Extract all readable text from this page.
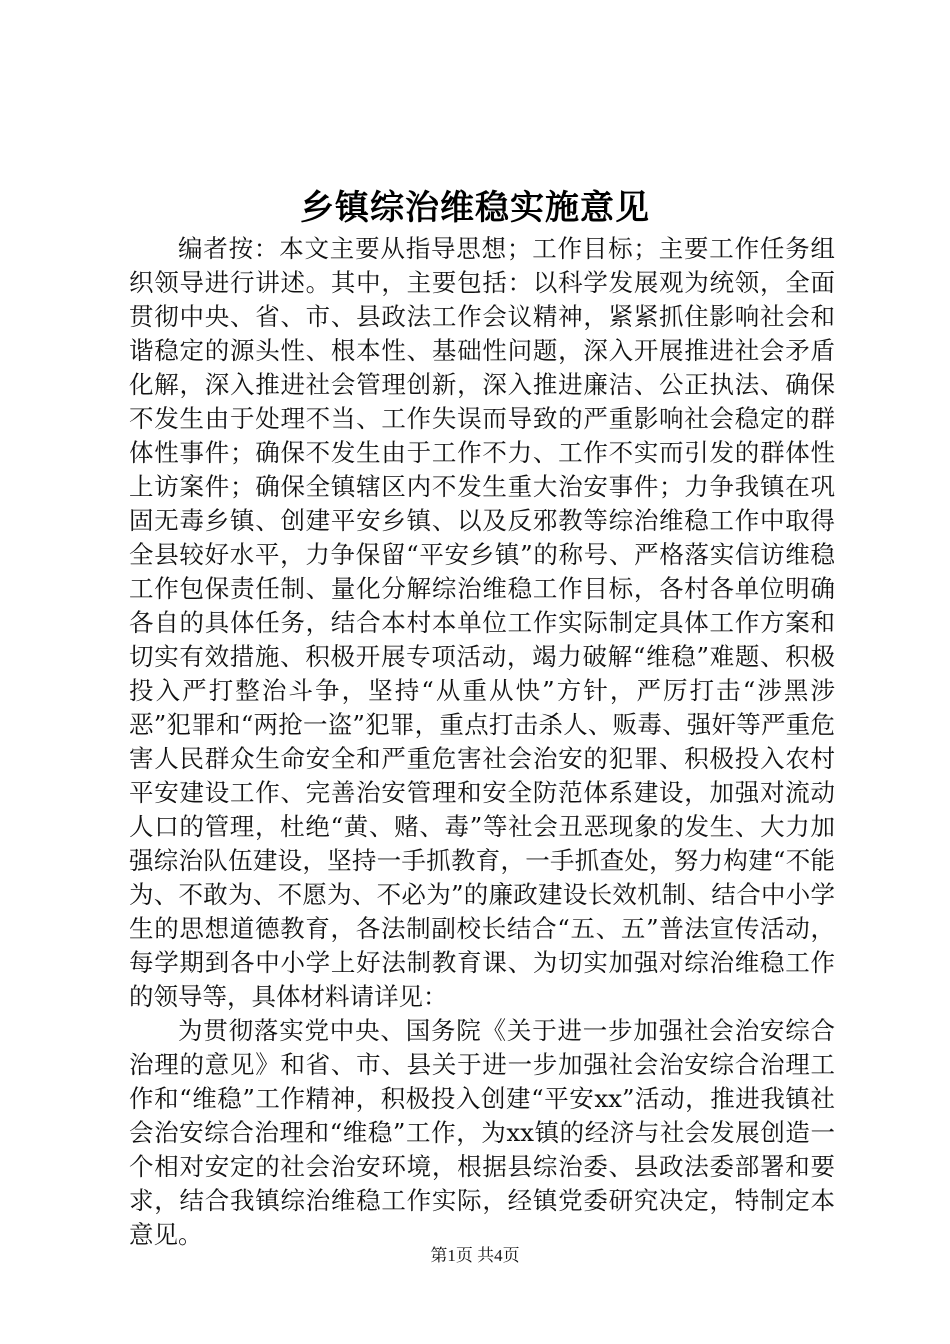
乡镇综治维稳实施意见

编者按：本文主要从指导思想；工作目标；主要工作任务组织领导进行讲述。其中，主要包括：以科学发展观为统领，全面贯彻中央、省、市、县政法工作会议精神，紧紧抓住影响社会和谐稳定的源头性、根本性、基础性问题，深入开展推进社会矛盾化解，深入推进社会管理创新，深入推进廉洁、公正执法、确保不发生由于处理不当、工作失误而导致的严重影响社会稳定的群体性事件；确保不发生由于工作不力、工作不实而引发的群体性上访案件；确保全镇辖区内不发生重大治安事件；力争我镇在巩固无毒乡镇、创建平安乡镇、以及反邪教等综治维稳工作中取得全县较好水平，力争保留“平安乡镇”的称号、严格落实信访维稳工作包保责任制、量化分解综治维稳工作目标，各村各单位明确各自的具体任务，结合本村本单位工作实际制定具体工作方案和切实有效措施、积极开展专项活动，竭力破解“维稳”难题、积极投入严打整治斗争，坚持“从重从快”方针，严厉打击“涉黑涉恶”犯罪和“两抢一盗”犯罪，重点打击杀人、贩毒、强奸等严重危害人民群众生命安全和严重危害社会治安的犯罪、积极投入农村平安建设工作、完善治安管理和安全防范体系建设，加强对流动人口的管理，杜绝“黄、赌、毒”等社会丑恶现象的发生、大力加强综治队伍建设，坚持一手抓教育，一手抓查处，努力构建“不能为、不敢为、不愿为、不必为”的廉政建设长效机制、结合中小学生的思想道德教育，各法制副校长结合“五、五”普法宣传活动，每学期到各中小学上好法制教育课、为切实加强对综治维稳工作的领导等，具体材料请详见：

为贯彻落实党中央、国务院《关于进一步加强社会治安综合治理的意见》和省、市、县关于进一步加强社会治安综合治理工作和“维稳”工作精神，积极投入创建“平安xx”活动，推进我镇社会治安综合治理和“维稳”工作，为xx镇的经济与社会发展创造一个相对安定的社会治安环境，根据县综治委、县政法委部署和要求，结合我镇综治维稳工作实际，经镇党委研究决定，特制定本意见。

第1页 共4页
